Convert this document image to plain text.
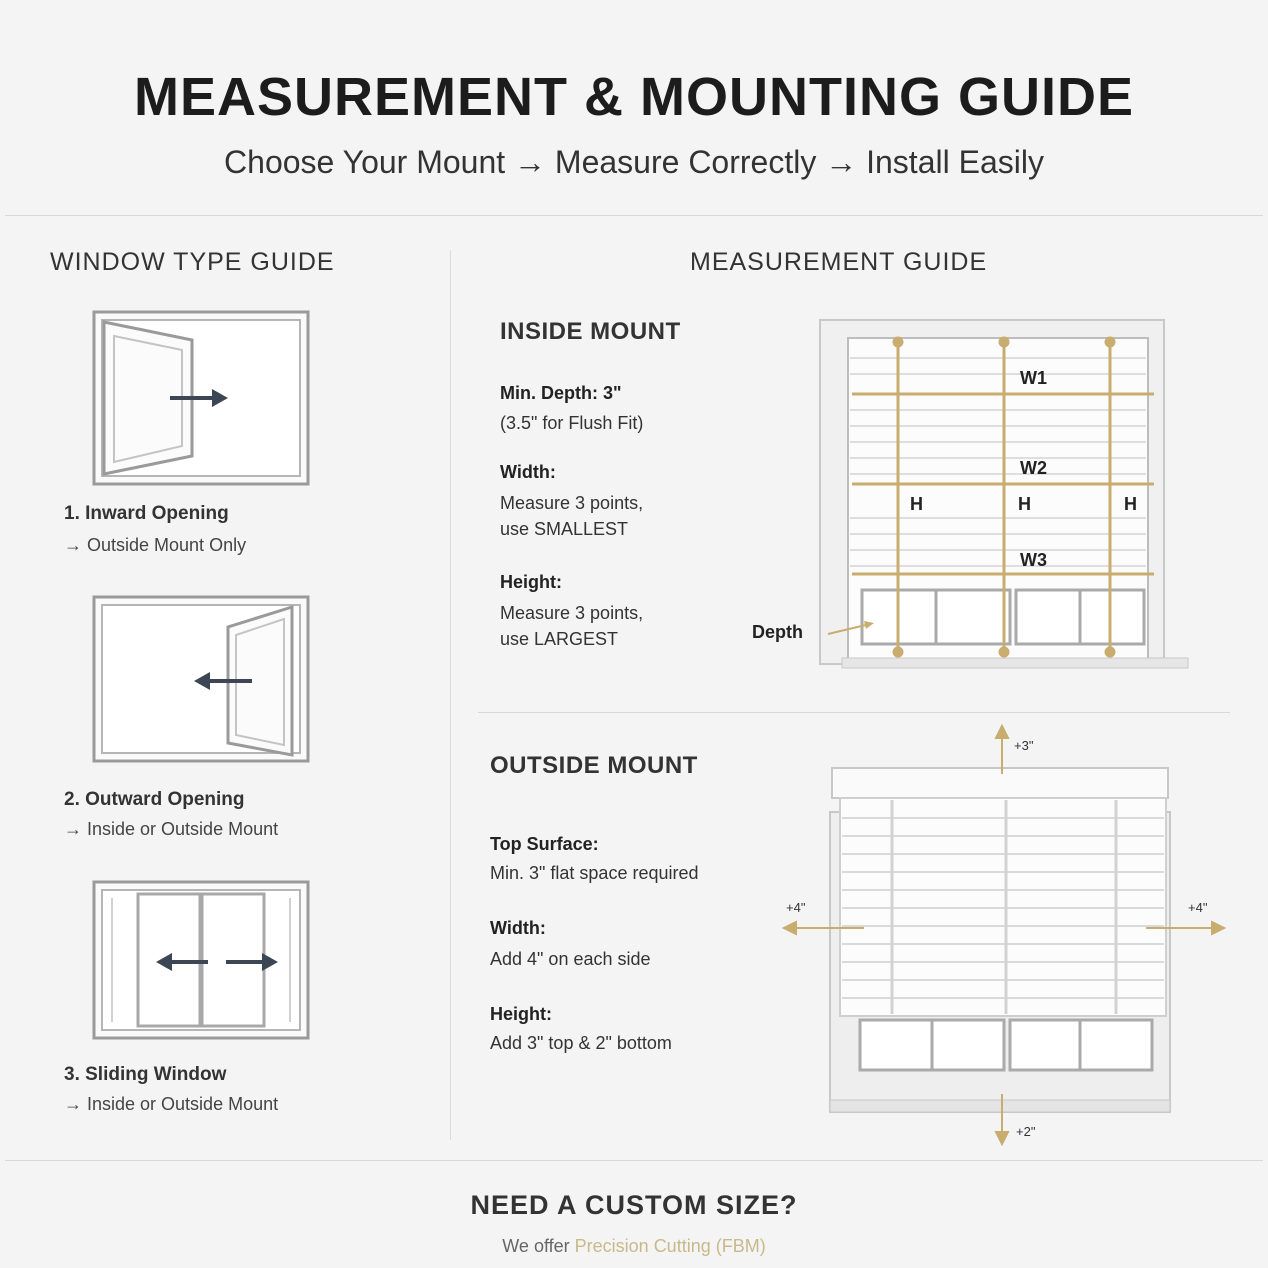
MEASUREMENT & MOUNTING GUIDE
Choose Your Mount → Measure Correctly → Install Easily
WINDOW TYPE GUIDE
1. Inward Opening
→ Outside Mount Only
2. Outward Opening
→ Inside or Outside Mount
3. Sliding Window
→ Inside or Outside Mount
MEASUREMENT GUIDE
INSIDE MOUNT
Min. Depth: 3"
(3.5" for Flush Fit)
Width:
Measure 3 points,
use SMALLEST
Height:
Measure 3 points,
use LARGEST
W1
W2
W3
H	H	H
Depth
OUTSIDE MOUNT
Top Surface:
Min. 3" flat space required
Width:
Add 4" on each side
Height:
Add 3" top & 2" bottom
+3"
+4"	+4"
+2"
NEED A CUSTOM SIZE?
We offer Precision Cutting (FBM)
